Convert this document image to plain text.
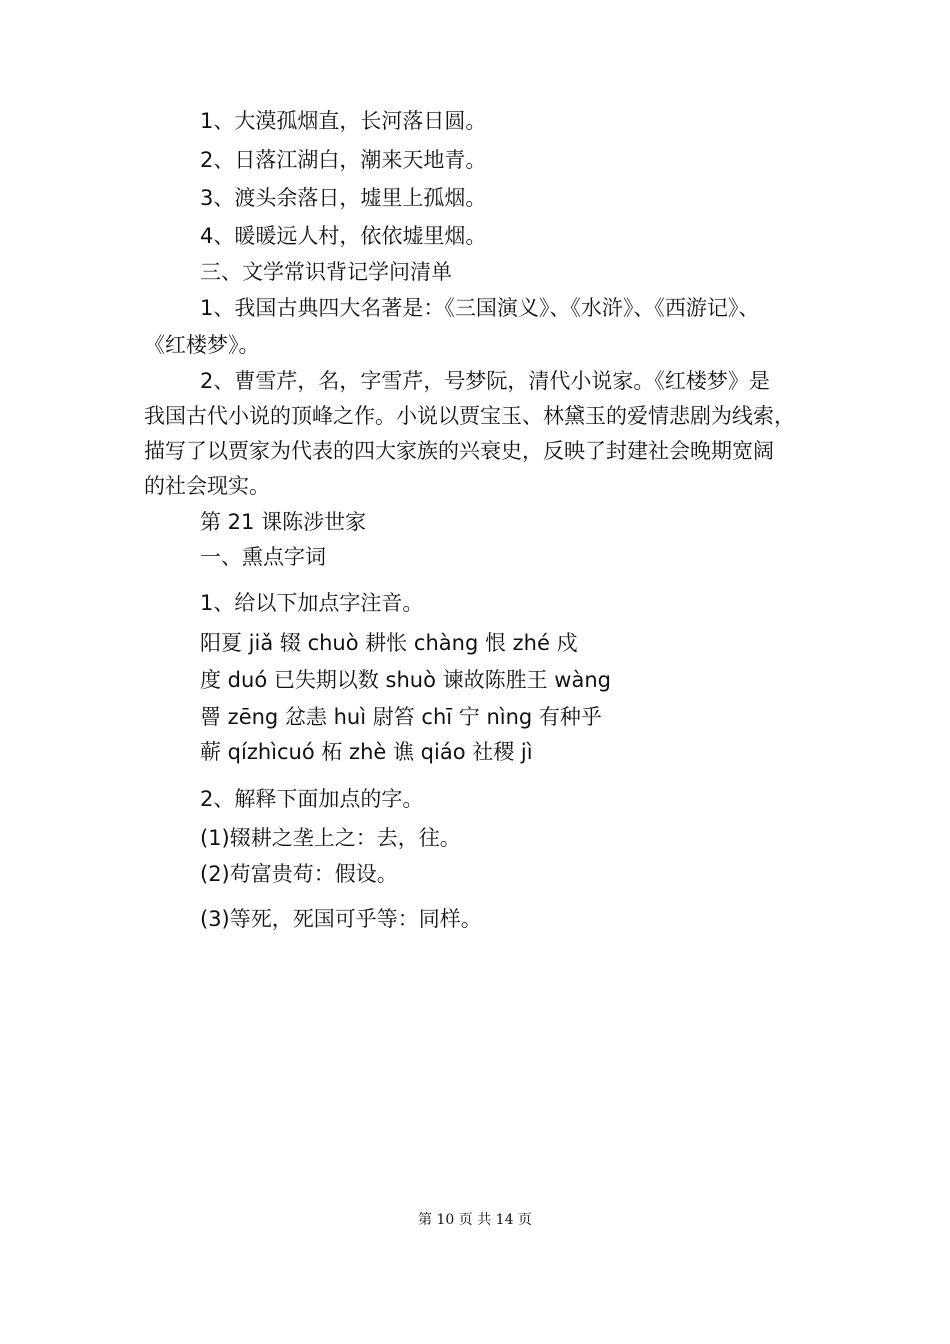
1、大漠孤烟直，长河落日圆。

2、日落江湖白，潮来天地青。

3、渡头余落日，墟里上孤烟。

4、暖暖远人村，依依墟里烟。

三、文学常识背记学问清单

1、我国古典四大名著是：《三国演义》、《水浒》、《西游记》、

《红楼梦》。

2、曹雪芹，名，字雪芹，号梦阮，清代小说家。《红楼梦》是

我国古代小说的顶峰之作。小说以贾宝玉、林黛玉的爱情悲剧为线索，

描写了以贾家为代表的四大家族的兴衰史，反映了封建社会晚期宽阔

的社会现实。

第 21 课陈涉世家

一、熏点字词

1、给以下加点字注音。

阳夏 jiǎ 辍 chuò 耕怅 chàng 恨 zhé 戍

度 duó 已失期以数 shuò 谏故陈胜王 wàng

罾 zēng 忿恚 huì 尉笞 chī 宁 nìng 有种乎

蕲 qízhìcuó 柘 zhè 谯 qiáo 社稷 jì

2、解释下面加点的字。

(1)辍耕之垄上之：去，往。

(2)苟富贵苟：假设。

(3)等死，死国可乎等：同样。

第 10 页 共 14 页
